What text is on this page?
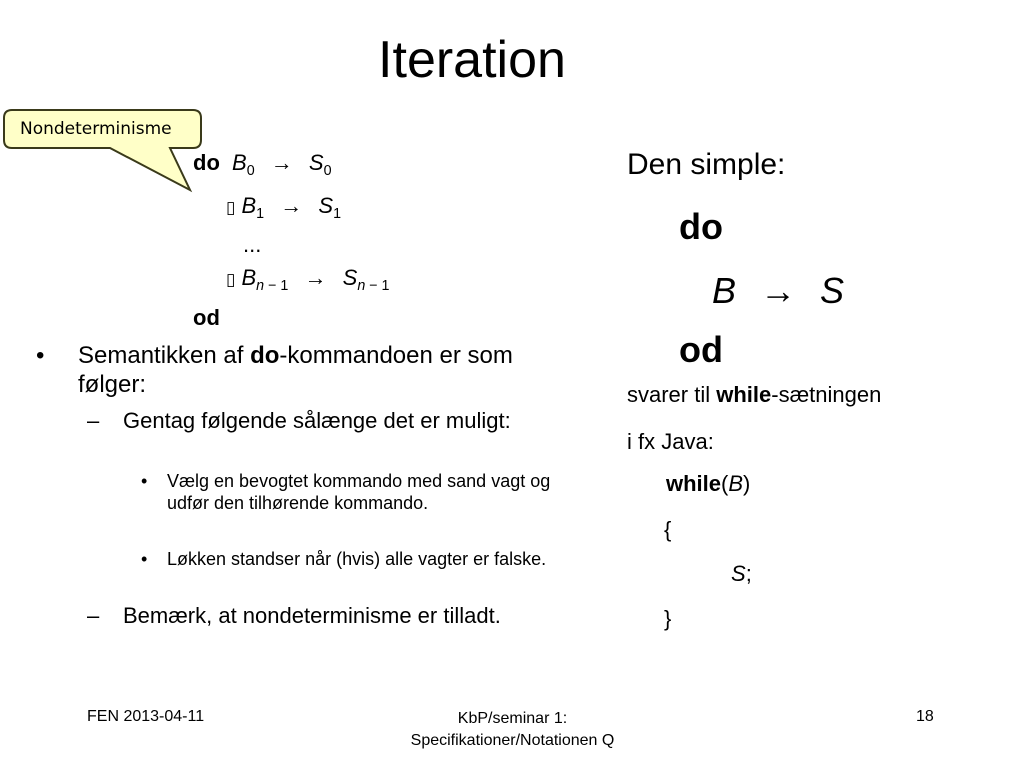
Iteration
Nondeterminisme
do $B_0 \to S_0$
▯ $B_1 \to S_1$
...
▯ $B_{n - 1} \to S_{n - 1}$
od
• Semantikken af do-kommandoen er som følger:
– Gentag følgende sålænge det er muligt:
• Vælg en bevogtet kommando med sand vagt og udfør den tilhørende kommando.
• Løkken standser når (hvis) alle vagter er falske.
– Bemærk, at nondeterminisme er tilladt.
Den simple:
do
B → S
od
svarer til while-sætningen
i fx Java:
while(B)
{
S;
}
FEN 2013-04-11	KbP/seminar 1:
Specifikationer/Notationen Q
18
